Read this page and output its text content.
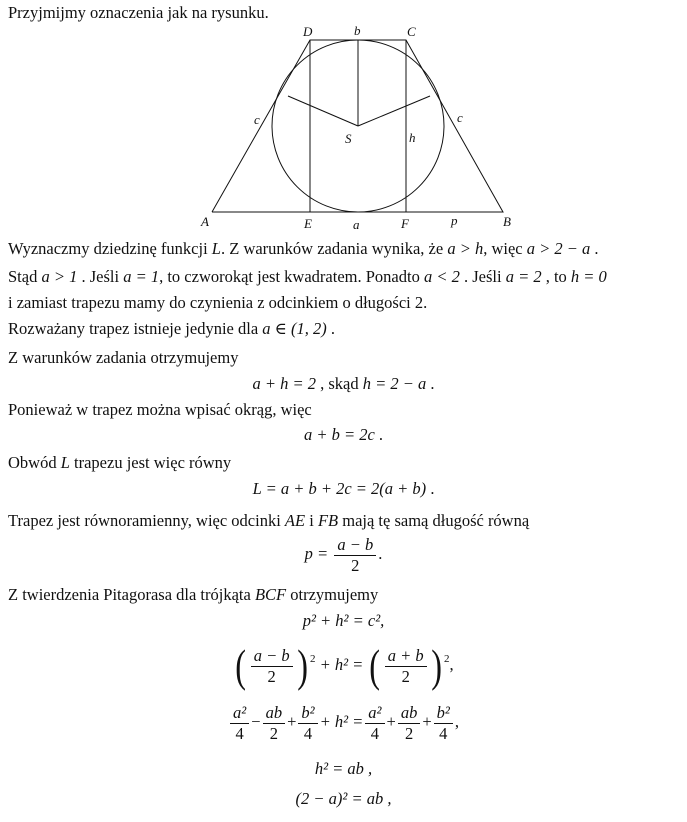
Przyjmijmy oznaczenia jak na rysunku.
D	b	C
c	c
S	h
A	E	a	F	p	B
Wyznaczmy dziedzinę funkcji L. Z warunków zadania wynika, że a > h, więc a > 2 − a .
Stąd a > 1 . Jeśli a = 1, to czworokąt jest kwadratem. Ponadto a < 2 . Jeśli a = 2 , to h = 0
i zamiast trapezu mamy do czynienia z odcinkiem o długości 2.
Rozważany trapez istnieje jedynie dla a ∈ (1, 2) .
Z warunków zadania otrzymujemy
a + h = 2 , skąd h = 2 − a .
Ponieważ w trapez można wpisać okrąg, więc
a + b = 2c .
Obwód L trapezu jest więc równy
L = a + b + 2c = 2(a + b) .
Trapez jest równoramienny, więc odcinki AE i FB mają tę samą długość równą
$p = \frac{a - b}{2}$ .
Z twierdzenia Pitagorasa dla trójkąta BCF otrzymujemy
p² + h² = c²,
( $\frac{a - b}{2}$ ) $^2$ + h² = ( $\frac{a + b}{2}$ ) $^2$,
$\frac{\text{a²}}{4} - \frac{ab}{2} + \frac{\text{b²}}{4} + h^2 = \frac{\text{a²}}{4} + \frac{ab}{2} + \frac{\text{b²}}{4}$ ,
h² = ab ,
(2 − a)² = ab ,
